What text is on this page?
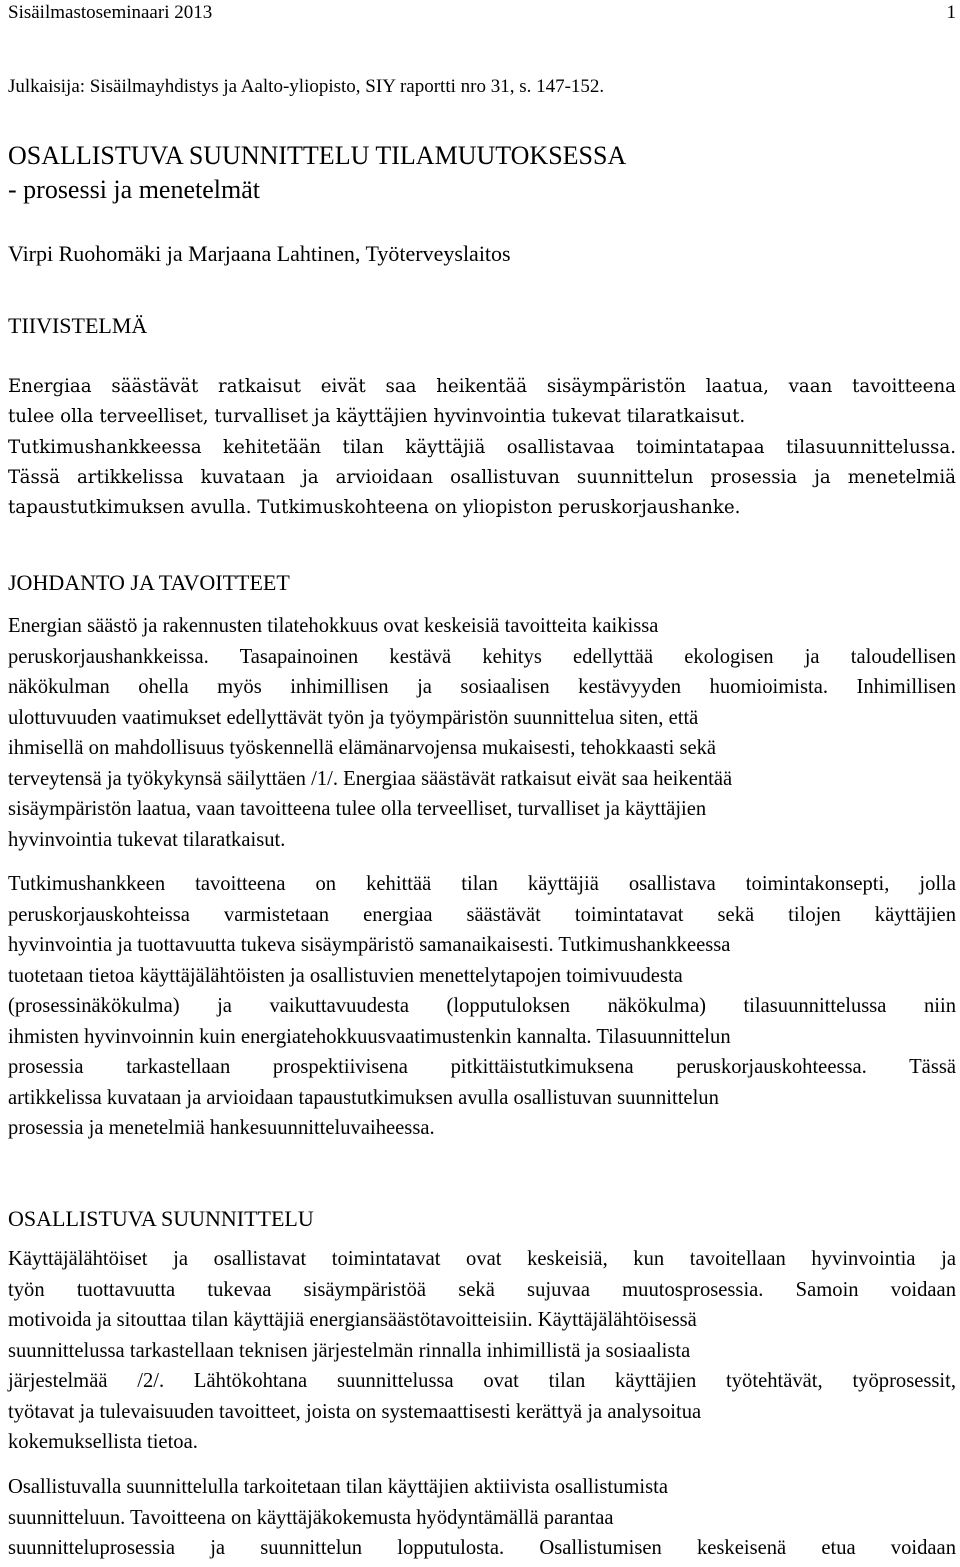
Sisäilmastoseminaari 2013	1
Julkaisija: Sisäilmayhdistys ja Aalto-yliopisto, SIY raportti nro 31, s. 147-152.
OSALLISTUVA SUUNNITTELU TILAMUUTOKSESSA
- prosessi ja menetelmät
Virpi Ruohomäki ja Marjaana Lahtinen, Työterveyslaitos
TIIVISTELMÄ
Energiaa säästävät ratkaisut eivät saa heikentää sisäympäristön laatua, vaan tavoitteena
tulee olla terveelliset, turvalliset ja käyttäjien hyvinvointia tukevat tilaratkaisut.
Tutkimushankkeessa kehitetään tilan käyttäjiä osallistavaa toimintatapaa tilasuunnittelussa.
Tässä artikkelissa kuvataan ja arvioidaan osallistuvan suunnittelun prosessia ja menetelmiä
tapaustutkimuksen avulla. Tutkimuskohteena on yliopiston peruskorjaushanke.
JOHDANTO JA TAVOITTEET
Energian säästö ja rakennusten tilatehokkuus ovat keskeisiä tavoitteita kaikissa
peruskorjaushankkeissa. Tasapainoinen kestävä kehitys edellyttää ekologisen ja taloudellisen
näkökulman ohella myös inhimillisen ja sosiaalisen kestävyyden huomioimista. Inhimillisen
ulottuvuuden vaatimukset edellyttävät työn ja työympäristön suunnittelua siten, että
ihmisellä on mahdollisuus työskennellä elämänarvojensa mukaisesti, tehokkaasti sekä
terveytensä ja työkykynsä säilyttäen /1/. Energiaa säästävät ratkaisut eivät saa heikentää
sisäympäristön laatua, vaan tavoitteena tulee olla terveelliset, turvalliset ja käyttäjien
hyvinvointia tukevat tilaratkaisut.
Tutkimushankkeen tavoitteena on kehittää tilan käyttäjiä osallistava toimintakonsepti, jolla
peruskorjauskohteissa varmistetaan energiaa säästävät toimintatavat sekä tilojen käyttäjien
hyvinvointia ja tuottavuutta tukeva sisäympäristö samanaikaisesti. Tutkimushankkeessa
tuotetaan tietoa käyttäjälähtöisten ja osallistuvien menettelytapojen toimivuudesta
(prosessinäkökulma) ja vaikuttavuudesta (lopputuloksen näkökulma) tilasuunnittelussa niin
ihmisten hyvinvoinnin kuin energiatehokkuusvaatimustenkin kannalta. Tilasuunnittelun
prosessia tarkastellaan prospektiivisena pitkittäistutkimuksena peruskorjauskohteessa. Tässä
artikkelissa kuvataan ja arvioidaan tapaustutkimuksen avulla osallistuvan suunnittelun
prosessia ja menetelmiä hankesuunnitteluvaiheessa.
OSALLISTUVA SUUNNITTELU
Käyttäjälähtöiset ja osallistavat toimintatavat ovat keskeisiä, kun tavoitellaan hyvinvointia ja
työn tuottavuutta tukevaa sisäympäristöä sekä sujuvaa muutosprosessia. Samoin voidaan
motivoida ja sitouttaa tilan käyttäjiä energiansäästötavoitteisiin. Käyttäjälähtöisessä
suunnittelussa tarkastellaan teknisen järjestelmän rinnalla inhimillistä ja sosiaalista
järjestelmää /2/. Lähtökohtana suunnittelussa ovat tilan käyttäjien työtehtävät, työprosessit,
työtavat ja tulevaisuuden tavoitteet, joista on systemaattisesti kerättyä ja analysoitua
kokemuksellista tietoa.
Osallistuvalla suunnittelulla tarkoitetaan tilan käyttäjien aktiivista osallistumista
suunnitteluun. Tavoitteena on käyttäjäkokemusta hyödyntämällä parantaa
suunnitteluprosessia ja suunnittelun lopputulosta. Osallistumisen keskeisenä etua voidaan
